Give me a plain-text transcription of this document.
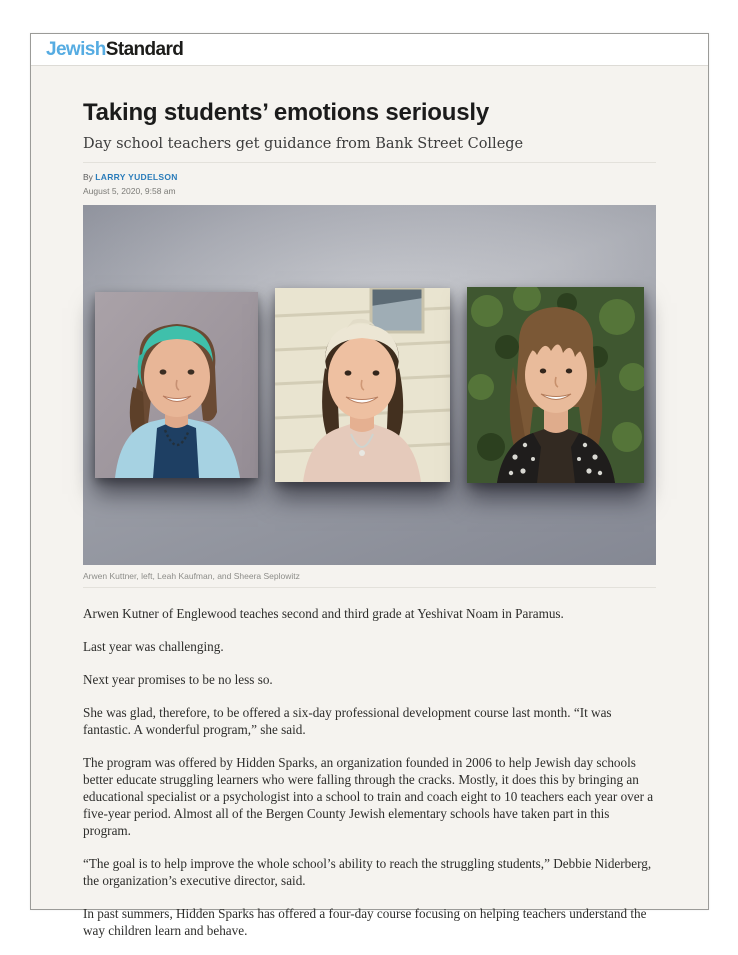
JewishStandard
Taking students’ emotions seriously
Day school teachers get guidance from Bank Street College
By LARRY YUDELSON
August 5, 2020, 9:58 am
Arwen Kuttner, left, Leah Kaufman, and Sheera Seplowitz

Arwen Kutner of Englewood teaches second and third grade at Yeshivat Noam in Paramus.

Last year was challenging.

Next year promises to be no less so.

She was glad, therefore, to be offered a six-day professional development course last month. “It was fantastic. A wonderful program,” she said.

The program was offered by Hidden Sparks, an organization founded in 2006 to help Jewish day schools better educate struggling learners who were falling through the cracks. Mostly, it does this by bringing an educational specialist or a psychologist into a school to train and coach eight to 10 teachers each year over a five-year period. Almost all of the Bergen County Jewish elementary schools have taken part in this program.

“The goal is to help improve the whole school’s ability to reach the struggling students,” Debbie Niderberg, the organization’s executive director, said.

In past summers, Hidden Sparks has offered a four-day course focusing on helping teachers understand the way children learn and behave.
